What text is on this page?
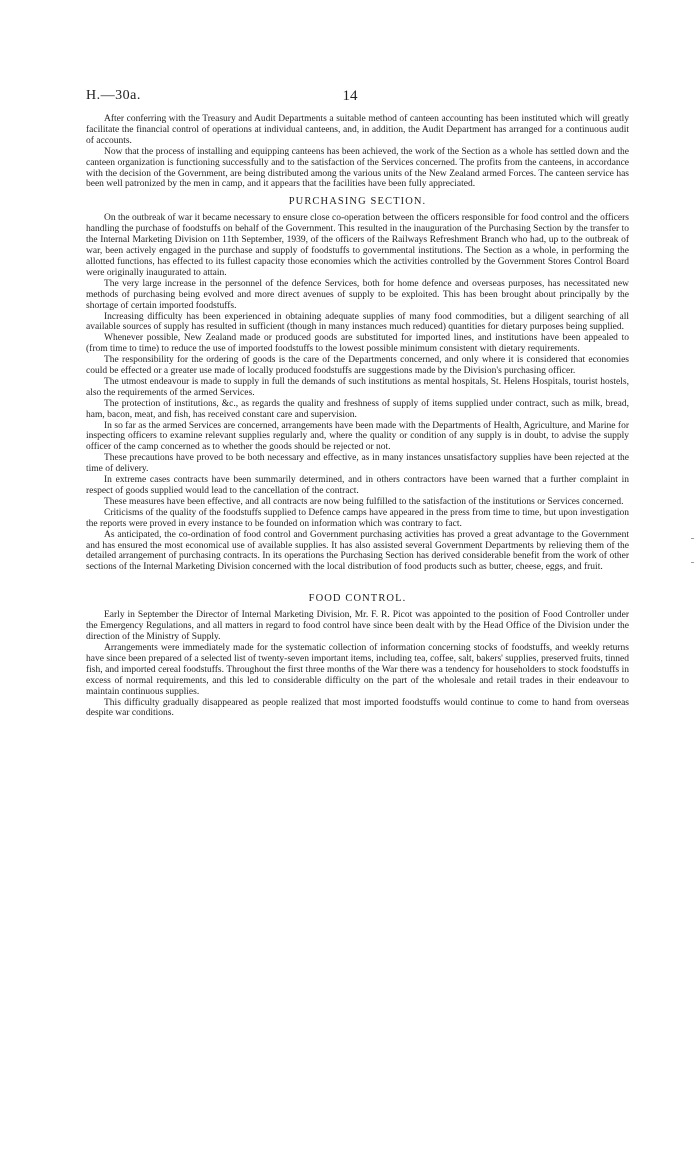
H.—30a.	14

After conferring with the Treasury and Audit Departments a suitable method of canteen accounting has been instituted which will greatly facilitate the financial control of operations at individual canteens, and, in addition, the Audit Department has arranged for a continuous audit of accounts.

Now that the process of installing and equipping canteens has been achieved, the work of the Section as a whole has settled down and the canteen organization is functioning successfully and to the satisfaction of the Services concerned. The profits from the canteens, in accordance with the decision of the Government, are being distributed among the various units of the New Zealand armed Forces. The canteen service has been well patronized by the men in camp, and it appears that the facilities have been fully appreciated.

PURCHASING SECTION.

On the outbreak of war it became necessary to ensure close co-operation between the officers responsible for food control and the officers handling the purchase of foodstuffs on behalf of the Government. This resulted in the inauguration of the Purchasing Section by the transfer to the Internal Marketing Division on 11th September, 1939, of the officers of the Railways Refreshment Branch who had, up to the outbreak of war, been actively engaged in the purchase and supply of foodstuffs to governmental institutions. The Section as a whole, in performing the allotted functions, has effected to its fullest capacity those economies which the activities controlled by the Government Stores Control Board were originally inaugurated to attain.

The very large increase in the personnel of the defence Services, both for home defence and overseas purposes, has necessitated new methods of purchasing being evolved and more direct avenues of supply to be exploited. This has been brought about principally by the shortage of certain imported foodstuffs.

Increasing difficulty has been experienced in obtaining adequate supplies of many food commodities, but a diligent searching of all available sources of supply has resulted in sufficient (though in many instances much reduced) quantities for dietary purposes being supplied.

Whenever possible, New Zealand made or produced goods are substituted for imported lines, and institutions have been appealed to (from time to time) to reduce the use of imported foodstuffs to the lowest possible minimum consistent with dietary requirements.

The responsibility for the ordering of goods is the care of the Departments concerned, and only where it is considered that economies could be effected or a greater use made of locally produced foodstuffs are suggestions made by the Division's purchasing officer.

The utmost endeavour is made to supply in full the demands of such institutions as mental hospitals, St. Helens Hospitals, tourist hostels, also the requirements of the armed Services.

The protection of institutions, &c., as regards the quality and freshness of supply of items supplied under contract, such as milk, bread, ham, bacon, meat, and fish, has received constant care and supervision.

In so far as the armed Services are concerned, arrangements have been made with the Departments of Health, Agriculture, and Marine for inspecting officers to examine relevant supplies regularly and, where the quality or condition of any supply is in doubt, to advise the supply officer of the camp concerned as to whether the goods should be rejected or not.

These precautions have proved to be both necessary and effective, as in many instances unsatisfactory supplies have been rejected at the time of delivery.

In extreme cases contracts have been summarily determined, and in others contractors have been warned that a further complaint in respect of goods supplied would lead to the cancellation of the contract.

These measures have been effective, and all contracts are now being fulfilled to the satisfaction of the institutions or Services concerned.

Criticisms of the quality of the foodstuffs supplied to Defence camps have appeared in the press from time to time, but upon investigation the reports were proved in every instance to be founded on information which was contrary to fact.

As anticipated, the co-ordination of food control and Government purchasing activities has proved a great advantage to the Government and has ensured the most economical use of available supplies. It has also assisted several Government Departments by relieving them of the detailed arrangement of purchasing contracts. In its operations the Purchasing Section has derived considerable benefit from the work of other sections of the Internal Marketing Division concerned with the local distribution of food products such as butter, cheese, eggs, and fruit.

FOOD CONTROL.

Early in September the Director of Internal Marketing Division, Mr. F. R. Picot was appointed to the position of Food Controller under the Emergency Regulations, and all matters in regard to food control have since been dealt with by the Head Office of the Division under the direction of the Ministry of Supply.

Arrangements were immediately made for the systematic collection of information concerning stocks of foodstuffs, and weekly returns have since been prepared of a selected list of twenty-seven important items, including tea, coffee, salt, bakers' supplies, preserved fruits, tinned fish, and imported cereal foodstuffs. Throughout the first three months of the War there was a tendency for householders to stock foodstuffs in excess of normal requirements, and this led to considerable difficulty on the part of the wholesale and retail trades in their endeavour to maintain continuous supplies.

This difficulty gradually disappeared as people realized that most imported foodstuffs would continue to come to hand from overseas despite war conditions.
